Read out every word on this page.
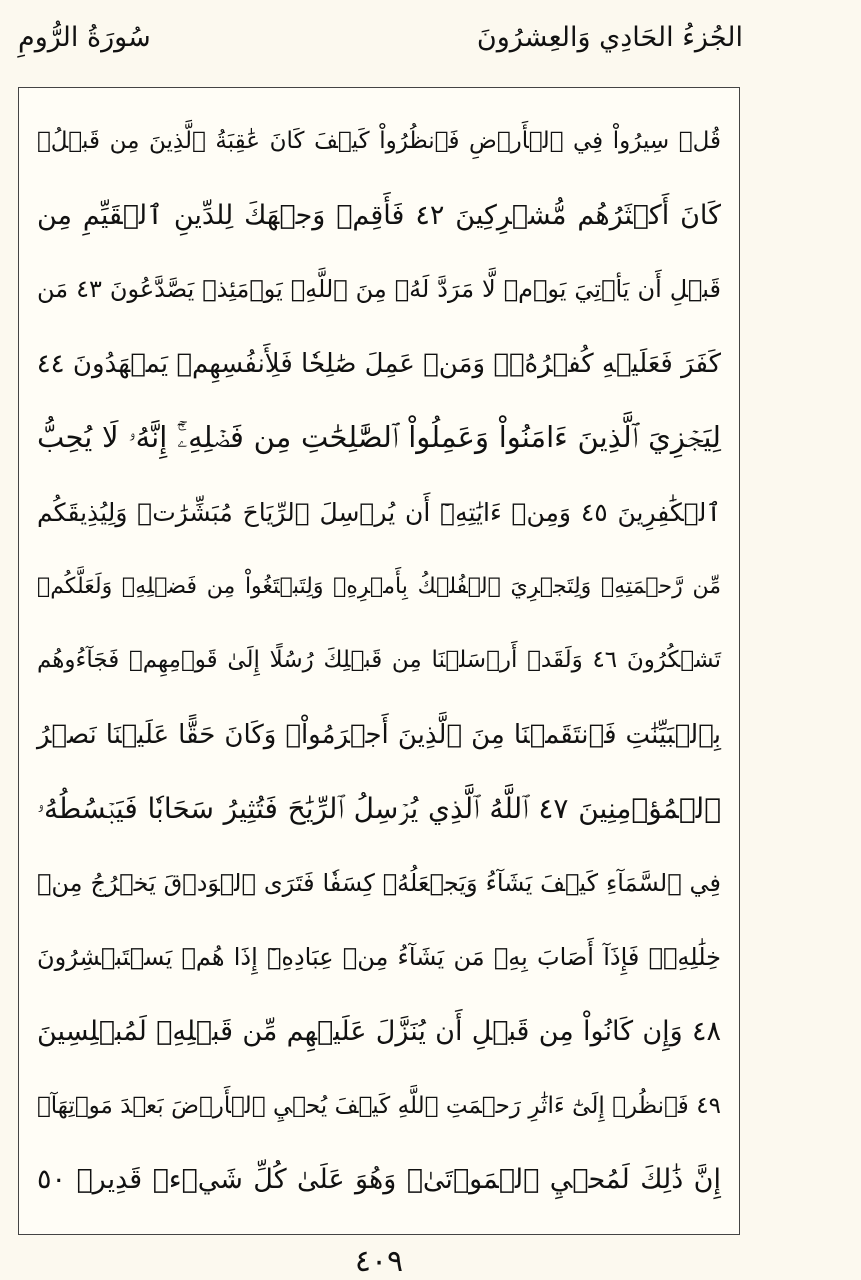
الجُزءُ الحَادِي وَالعِشرُونَ
سُورَةُ الرُّومِ
قُلۡ سِيرُواْ فِي ٱلۡأَرۡضِ فَٱنظُرُواْ كَيۡفَ كَانَ عَٰقِبَةُ ٱلَّذِينَ مِن قَبۡلُۚ
كَانَ أَكۡثَرُهُم مُّشۡرِكِينَ ٤٢ فَأَقِمۡ وَجۡهَكَ لِلدِّينِ ٱلۡقَيِّمِ مِن
قَبۡلِ أَن يَأۡتِيَ يَوۡمٞ لَّا مَرَدَّ لَهُۥ مِنَ ٱللَّهِۖ يَوۡمَئِذٖ يَصَّدَّعُونَ ٤٣ مَن
كَفَرَ فَعَلَيۡهِ كُفۡرُهُۥۖ وَمَنۡ عَمِلَ صَٰلِحٗا فَلِأَنفُسِهِمۡ يَمۡهَدُونَ ٤٤
لِيَجۡزِيَ ٱلَّذِينَ ءَامَنُواْ وَعَمِلُواْ ٱلصَّٰلِحَٰتِ مِن فَضۡلِهِۦٓۚ إِنَّهُۥ لَا يُحِبُّ
ٱلۡكَٰفِرِينَ ٤٥ وَمِنۡ ءَايَٰتِهِۦٓ أَن يُرۡسِلَ ٱلرِّيَاحَ مُبَشِّرَٰتٖ وَلِيُذِيقَكُم
مِّن رَّحۡمَتِهِۦ وَلِتَجۡرِيَ ٱلۡفُلۡكُ بِأَمۡرِهِۦ وَلِتَبۡتَغُواْ مِن فَضۡلِهِۦ وَلَعَلَّكُمۡ
تَشۡكُرُونَ ٤٦ وَلَقَدۡ أَرۡسَلۡنَا مِن قَبۡلِكَ رُسُلًا إِلَىٰ قَوۡمِهِمۡ فَجَآءُوهُم
بِٱلۡبَيِّنَٰتِ فَٱنتَقَمۡنَا مِنَ ٱلَّذِينَ أَجۡرَمُواْۖ وَكَانَ حَقًّا عَلَيۡنَا نَصۡرُ
ٱلۡمُؤۡمِنِينَ ٤٧ ٱللَّهُ ٱلَّذِي يُرۡسِلُ ٱلرِّيَٰحَ فَتُثِيرُ سَحَابٗا فَيَبۡسُطُهُۥ
فِي ٱلسَّمَآءِ كَيۡفَ يَشَآءُ وَيَجۡعَلُهُۥ كِسَفٗا فَتَرَى ٱلۡوَدۡقَ يَخۡرُجُ مِنۡ
خِلَٰلِهِۦۖ فَإِذَآ أَصَابَ بِهِۦ مَن يَشَآءُ مِنۡ عِبَادِهِۦٓ إِذَا هُمۡ يَسۡتَبۡشِرُونَ
٤٨ وَإِن كَانُواْ مِن قَبۡلِ أَن يُنَزَّلَ عَلَيۡهِم مِّن قَبۡلِهِۦ لَمُبۡلِسِينَ
٤٩ فَٱنظُرۡ إِلَىٰٓ ءَاثَٰرِ رَحۡمَتِ ٱللَّهِ كَيۡفَ يُحۡيِ ٱلۡأَرۡضَ بَعۡدَ مَوۡتِهَآۚ
إِنَّ ذَٰلِكَ لَمُحۡيِ ٱلۡمَوۡتَىٰۖ وَهُوَ عَلَىٰ كُلِّ شَيۡءٖ قَدِيرٞ ٥٠
٤٠٩
